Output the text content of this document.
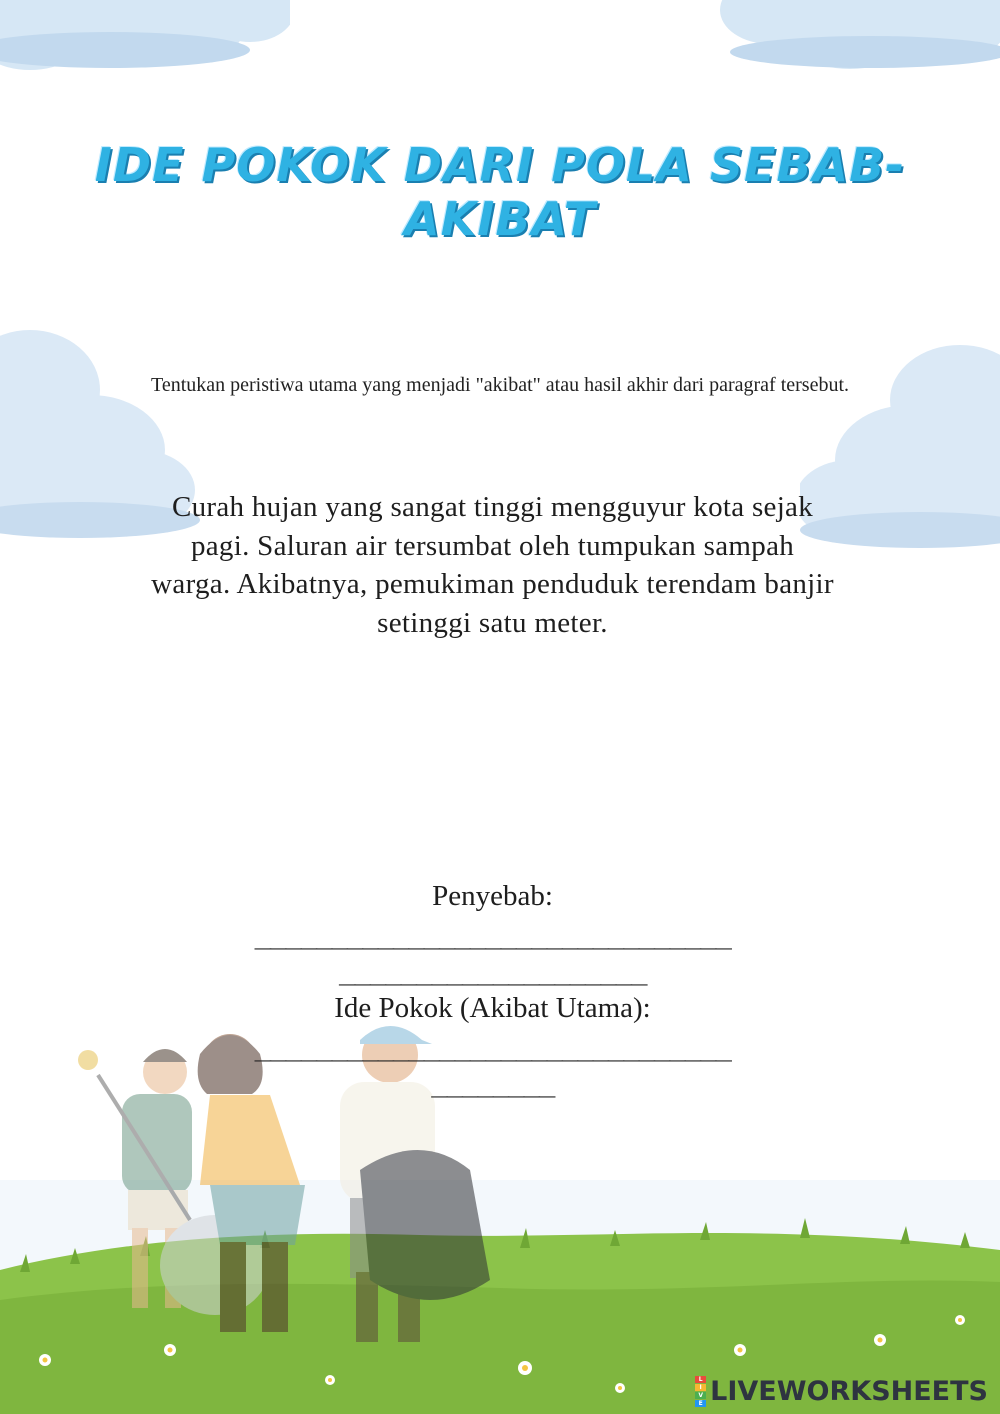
IDE POKOK DARI POLA SEBAB-AKIBAT
Tentukan peristiwa utama yang menjadi "akibat" atau hasil akhir dari paragraf tersebut.
Curah hujan yang sangat tinggi mengguyur kota sejak pagi. Saluran air tersumbat oleh tumpukan sampah warga. Akibatnya, pemukiman penduduk terendam banjir setinggi satu meter.
Penyebab:
_______________________________
____________________
Ide Pokok (Akibat Utama):
_______________________________
________
L
I
V
E LIVEWORKSHEETS
